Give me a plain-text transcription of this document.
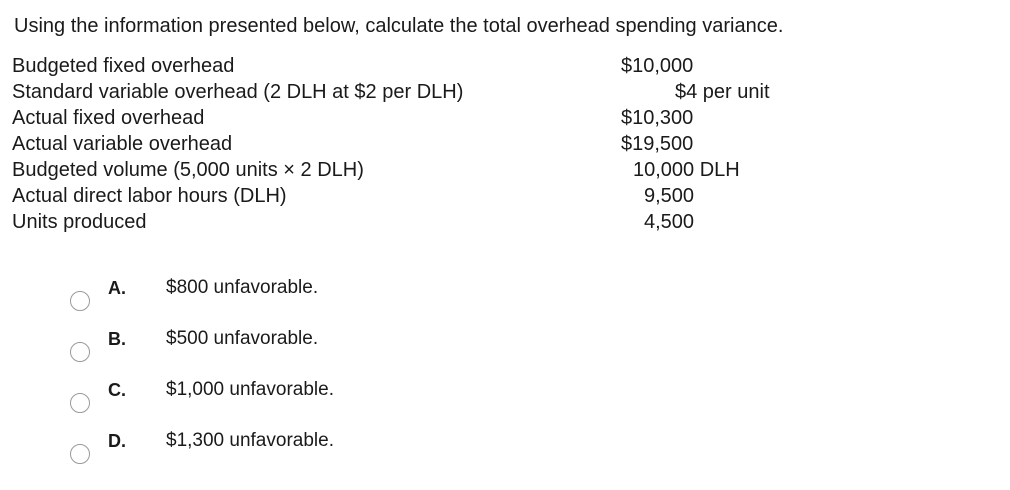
Using the information presented below, calculate the total overhead spending variance.
Budgeted fixed overhead	$10,000
Standard variable overhead (2 DLH at $2 per DLH)	$4 per unit
Actual fixed overhead	$10,300
Actual variable overhead	$19,500
Budgeted volume (5,000 units × 2 DLH)	10,000 DLH
Actual direct labor hours (DLH)	9,500
Units produced	4,500
A. $800 unfavorable.
B. $500 unfavorable.
C. $1,000 unfavorable.
D. $1,300 unfavorable.
